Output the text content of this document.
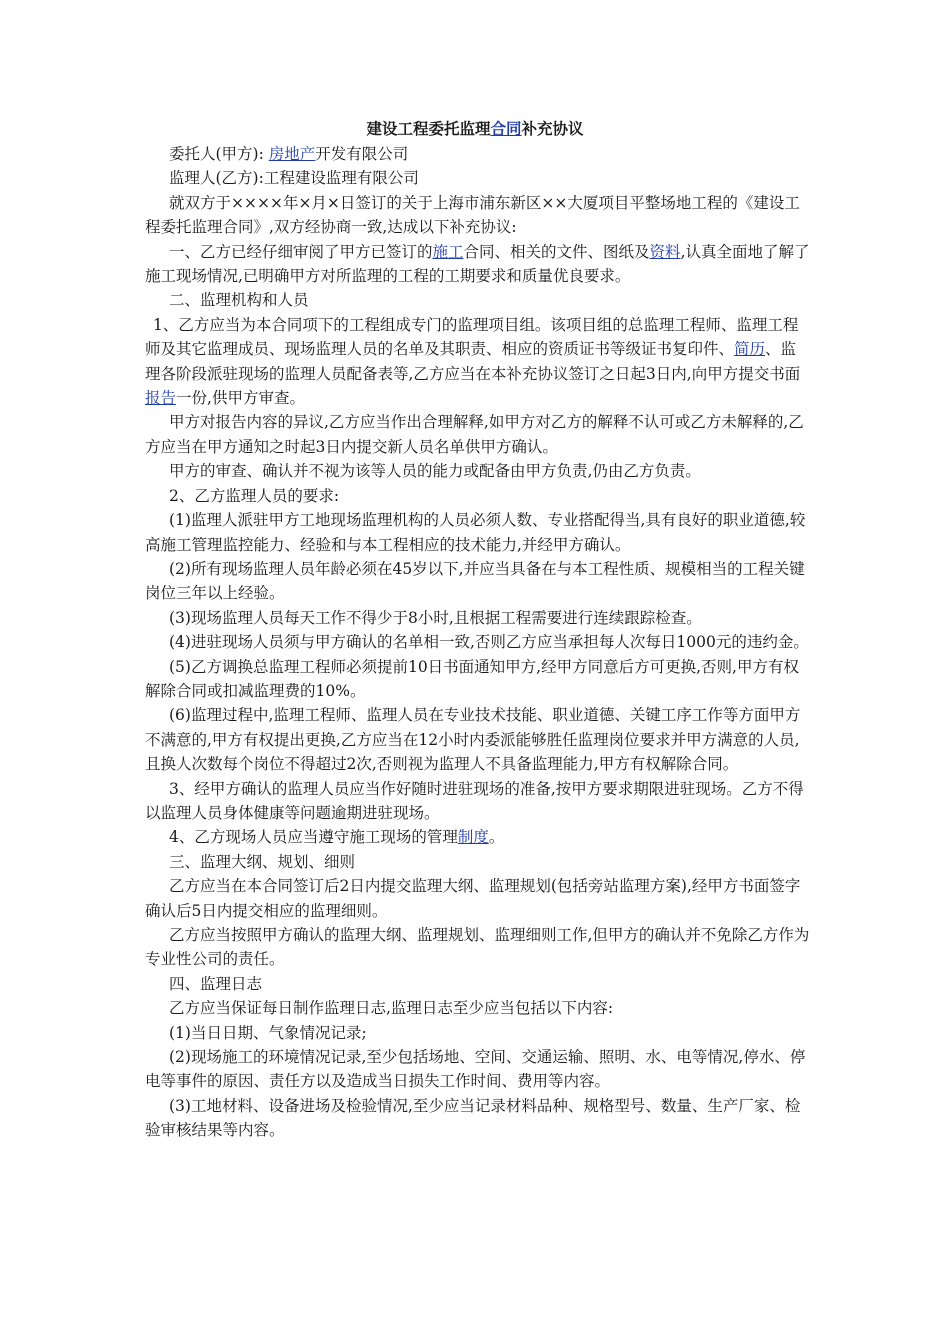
建设工程委托监理合同补充协议

委托人(甲方): 房地产开发有限公司

监理人(乙方):工程建设监理有限公司

就双方于××××年×月×日签订的关于上海市浦东新区××大厦项目平整场地工程的《建设工程委托监理合同》,双方经协商一致,达成以下补充协议:

一、乙方已经仔细审阅了甲方已签订的施工合同、相关的文件、图纸及资料,认真全面地了解了施工现场情况,已明确甲方对所监理的工程的工期要求和质量优良要求。

二、监理机构和人员

1、乙方应当为本合同项下的工程组成专门的监理项目组。该项目组的总监理工程师、监理工程师及其它监理成员、现场监理人员的名单及其职责、相应的资质证书等级证书复印件、简历、监理各阶段派驻现场的监理人员配备表等,乙方应当在本补充协议签订之日起3日内,向甲方提交书面报告一份,供甲方审查。

甲方对报告内容的异议,乙方应当作出合理解释,如甲方对乙方的解释不认可或乙方未解释的,乙方应当在甲方通知之时起3日内提交新人员名单供甲方确认。

甲方的审查、确认并不视为该等人员的能力或配备由甲方负责,仍由乙方负责。

2、乙方监理人员的要求:

(1)监理人派驻甲方工地现场监理机构的人员必须人数、专业搭配得当,具有良好的职业道德,较高施工管理监控能力、经验和与本工程相应的技术能力,并经甲方确认。

(2)所有现场监理人员年龄必须在45岁以下,并应当具备在与本工程性质、规模相当的工程关键岗位三年以上经验。

(3)现场监理人员每天工作不得少于8小时,且根据工程需要进行连续跟踪检查。

(4)进驻现场人员须与甲方确认的名单相一致,否则乙方应当承担每人次每日1000元的违约金。

(5)乙方调换总监理工程师必须提前10日书面通知甲方,经甲方同意后方可更换,否则,甲方有权解除合同或扣减监理费的10%。

(6)监理过程中,监理工程师、监理人员在专业技术技能、职业道德、关键工序工作等方面甲方不满意的,甲方有权提出更换,乙方应当在12小时内委派能够胜任监理岗位要求并甲方满意的人员,且换人次数每个岗位不得超过2次,否则视为监理人不具备监理能力,甲方有权解除合同。

3、经甲方确认的监理人员应当作好随时进驻现场的准备,按甲方要求期限进驻现场。乙方不得以监理人员身体健康等问题逾期进驻现场。

4、乙方现场人员应当遵守施工现场的管理制度。

三、监理大纲、规划、细则

乙方应当在本合同签订后2日内提交监理大纲、监理规划(包括旁站监理方案),经甲方书面签字确认后5日内提交相应的监理细则。

乙方应当按照甲方确认的监理大纲、监理规划、监理细则工作,但甲方的确认并不免除乙方作为专业性公司的责任。

四、监理日志

乙方应当保证每日制作监理日志,监理日志至少应当包括以下内容:

(1)当日日期、气象情况记录;

(2)现场施工的环境情况记录,至少包括场地、空间、交通运输、照明、水、电等情况,停水、停电等事件的原因、责任方以及造成当日损失工作时间、费用等内容。

(3)工地材料、设备进场及检验情况,至少应当记录材料品种、规格型号、数量、生产厂家、检验审核结果等内容。
